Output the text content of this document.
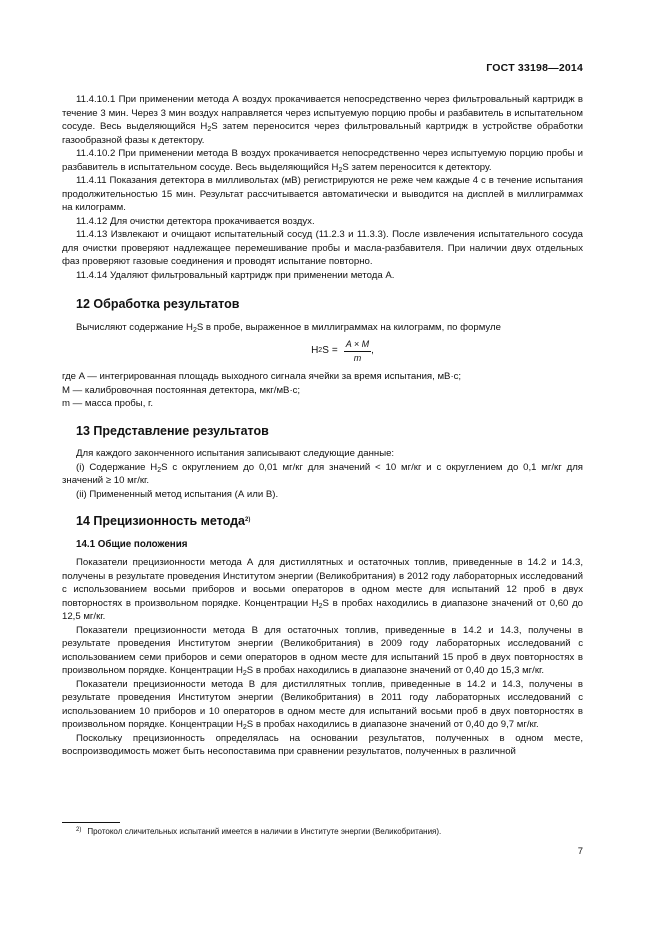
ГОСТ 33198—2014

11.4.10.1 При применении метода А воздух прокачивается непосредственно через фильтровальный картридж в течение 3 мин. Через 3 мин воздух направляется через испытуемую порцию пробы и разбавитель в испытательном сосуде. Весь выделяющийся $H_2S$ затем переносится через фильтровальный картридж в устройстве обработки газообразной фазы к детектору.

11.4.10.2 При применении метода В воздух прокачивается непосредственно через испытуемую порцию пробы и разбавитель в испытательном сосуде. Весь выделяющийся $H_2S$ затем переносится к детектору.

11.4.11 Показания детектора в милливольтах (мВ) регистрируются не реже чем каждые 4 с в течение испытания продолжительностью 15 мин. Результат рассчитывается автоматически и выводится на дисплей в миллиграммах на килограмм.

11.4.12 Для очистки детектора прокачивается воздух.

11.4.13 Извлекают и очищают испытательный сосуд (11.2.3 и 11.3.3). После извлечения испытательного сосуда для очистки проверяют надлежащее перемешивание пробы и масла-разбавителя. При наличии двух отдельных фаз проверяют газовые соединения и проводят испытание повторно.

11.4.14 Удаляют фильтровальный картридж при применении метода А.

12 Обработка результатов

Вычисляют содержание $H_2S$ в пробе, выраженное в миллиграммах на килограмм, по формуле

H 2 $S = \frac{A \times M}{m}$ ,

где A — интегрированная площадь выходного сигнала ячейки за время испытания, мВ·с;

M — калибровочная постоянная детектора, мкг/мВ·с;

m — масса пробы, г.

13 Представление результатов

Для каждого законченного испытания записывают следующие данные:

(i) Содержание $H_2S$ с округлением до 0,01 мг/кг для значений < 10 мг/кг и с округлением до 0,1 мг/кг для значений ≥ 10 мг/кг.

(ii) Примененный метод испытания (А или В).

14 Прецизионность метода$^{2)}$
14.1 Общие положения

Показатели прецизионности метода А для дистиллятных и остаточных топлив, приведенные в 14.2 и 14.3, получены в результате проведения Институтом энергии (Великобритания) в 2012 году лабораторных исследований с использованием восьми приборов и восьми операторов в одном месте для испытаний 12 проб в двух повторностях в произвольном порядке. Концентрации $H_2S$ в пробах находились в диапазоне значений от 0,60 до 12,5 мг/кг.

Показатели прецизионности метода В для остаточных топлив, приведенные в 14.2 и 14.3, получены в результате проведения Институтом энергии (Великобритания) в 2009 году лабораторных исследований с использованием семи приборов и семи операторов в одном месте для испытаний 15 проб в двух повторностях в произвольном порядке. Концентрации $H_2S$ в пробах находились в диапазоне значений от 0,40 до 15,3 мг/кг.

Показатели прецизионности метода В для дистиллятных топлив, приведенные в 14.2 и 14.3, получены в результате проведения Институтом энергии (Великобритания) в 2011 году лабораторных исследований с использованием 10 приборов и 10 операторов в одном месте для испытаний восьми проб в двух повторностях в произвольном порядке. Концентрации $H_2S$ в пробах находились в диапазоне значений от 0,40 до 9,7 мг/кг.

Поскольку прецизионность определялась на основании результатов, полученных в одном месте, воспроизводимость может быть несопоставима при сравнении результатов, полученных в различной

$^{2)}$ Протокол сличительных испытаний имеется в наличии в Институте энергии (Великобритания).
7
